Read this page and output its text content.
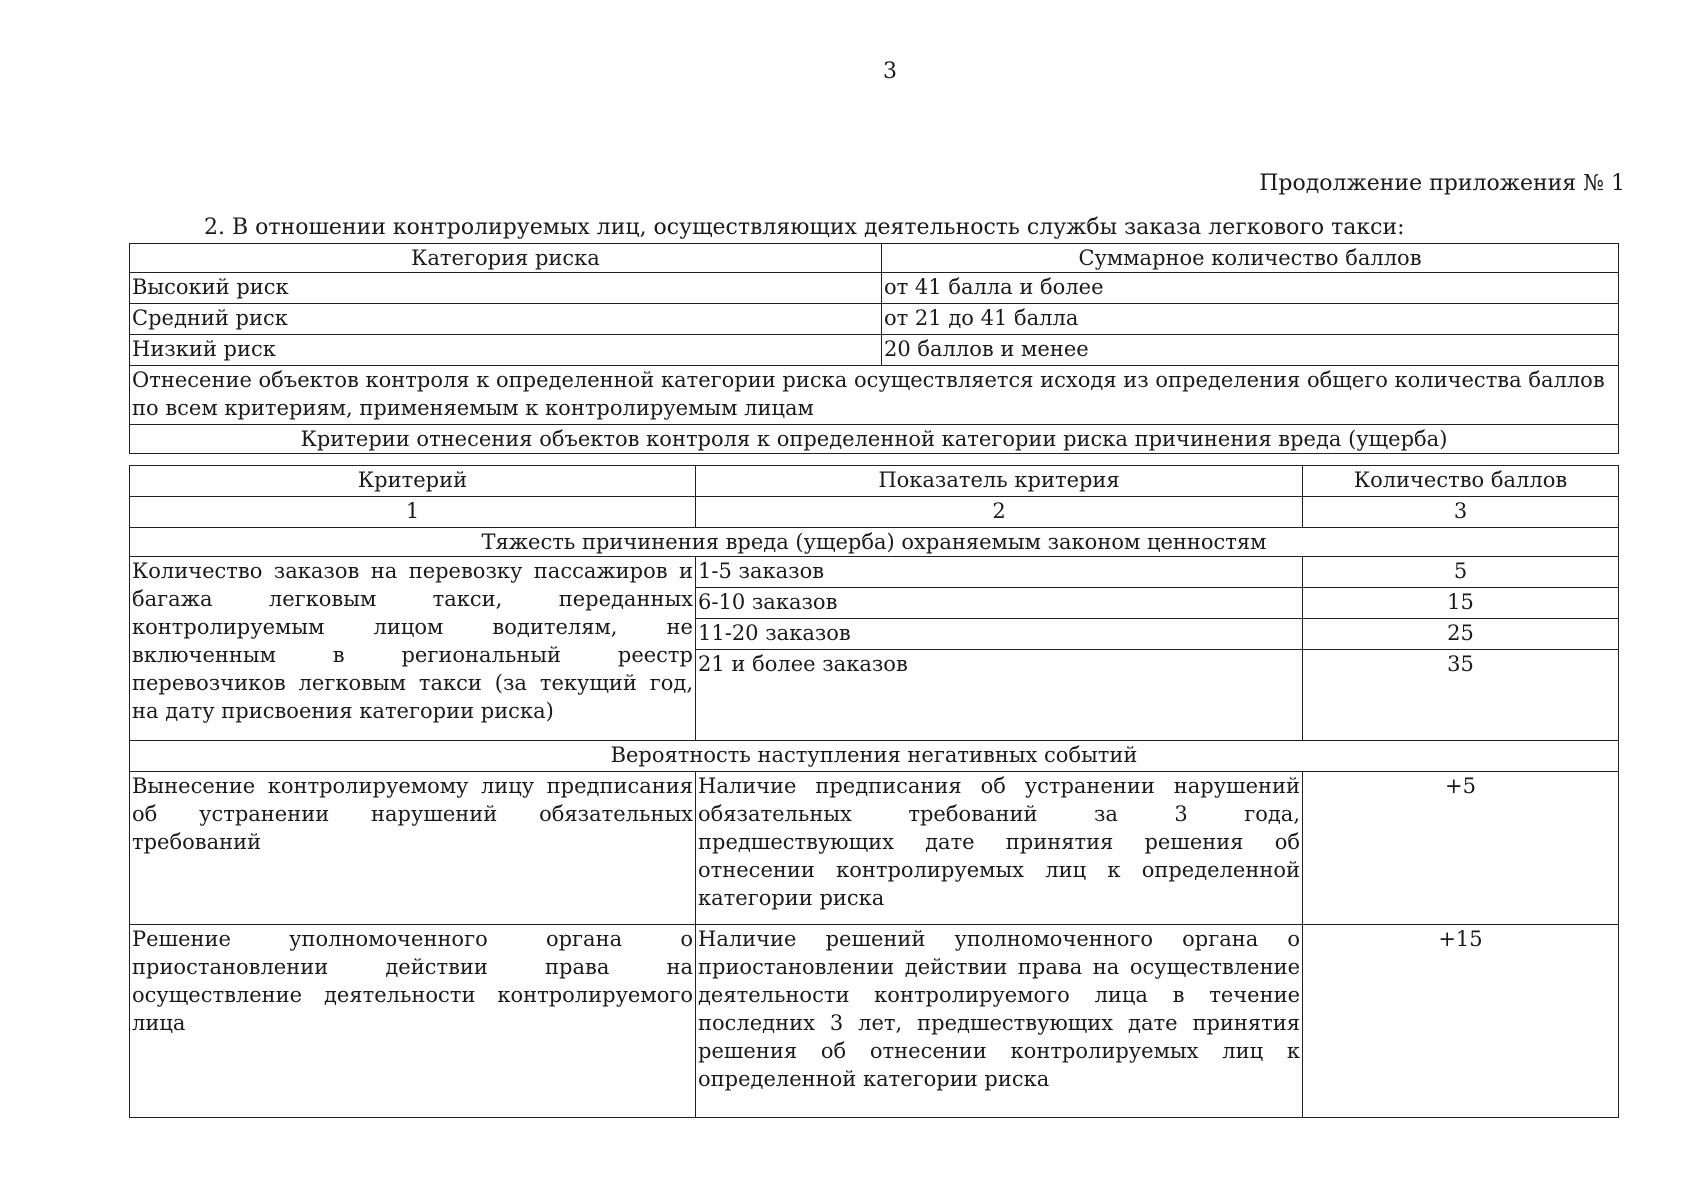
3
Продолжение приложения № 1
2. В отношении контролируемых лиц, осуществляющих деятельность службы заказа легкового такси:
Категория риска	Суммарное количество баллов
Высокий риск	от 41 балла и более
Средний риск	от 21 до 41 балла
Низкий риск	20 баллов и менее
Отнесение объектов контроля к определенной категории риска осуществляется исходя из определения общего количества баллов по всем критериям, применяемым к контролируемым лицам	
Критерии отнесения объектов контроля к определенной категории риска причинения вреда (ущерба)	
Критерий	Показатель критерия	Количество баллов
1	2	3
Тяжесть причинения вреда (ущерба) охраняемым законом ценностям		
Количество заказов на перевозку пассажиров и багажа легковым такси, переданных контролируемым лицом водителям, не включенным в региональный реестр перевозчиков легковым такси (за текущий год, на дату присвоения категории риска)	1-5 заказов	5
	6-10 заказов	15
	11-20 заказов	25
	21 и более заказов	35
Вероятность наступления негативных событий		
Вынесение контролируемому лицу предписания об устранении нарушений обязательных требований	Наличие предписания об устранении нарушений обязательных требований за 3 года, предшествующих дате принятия решения об отнесении контролируемых лиц к определенной категории риска	+5
Решение уполномоченного органа о приостановлении действии права на осуществление деятельности контролируемого лица	Наличие решений уполномоченного органа о приостановлении действии права на осуществление деятельности контролируемого лица в течение последних 3 лет, предшествующих дате принятия решения об отнесении контролируемых лиц к определенной категории риска	+15
